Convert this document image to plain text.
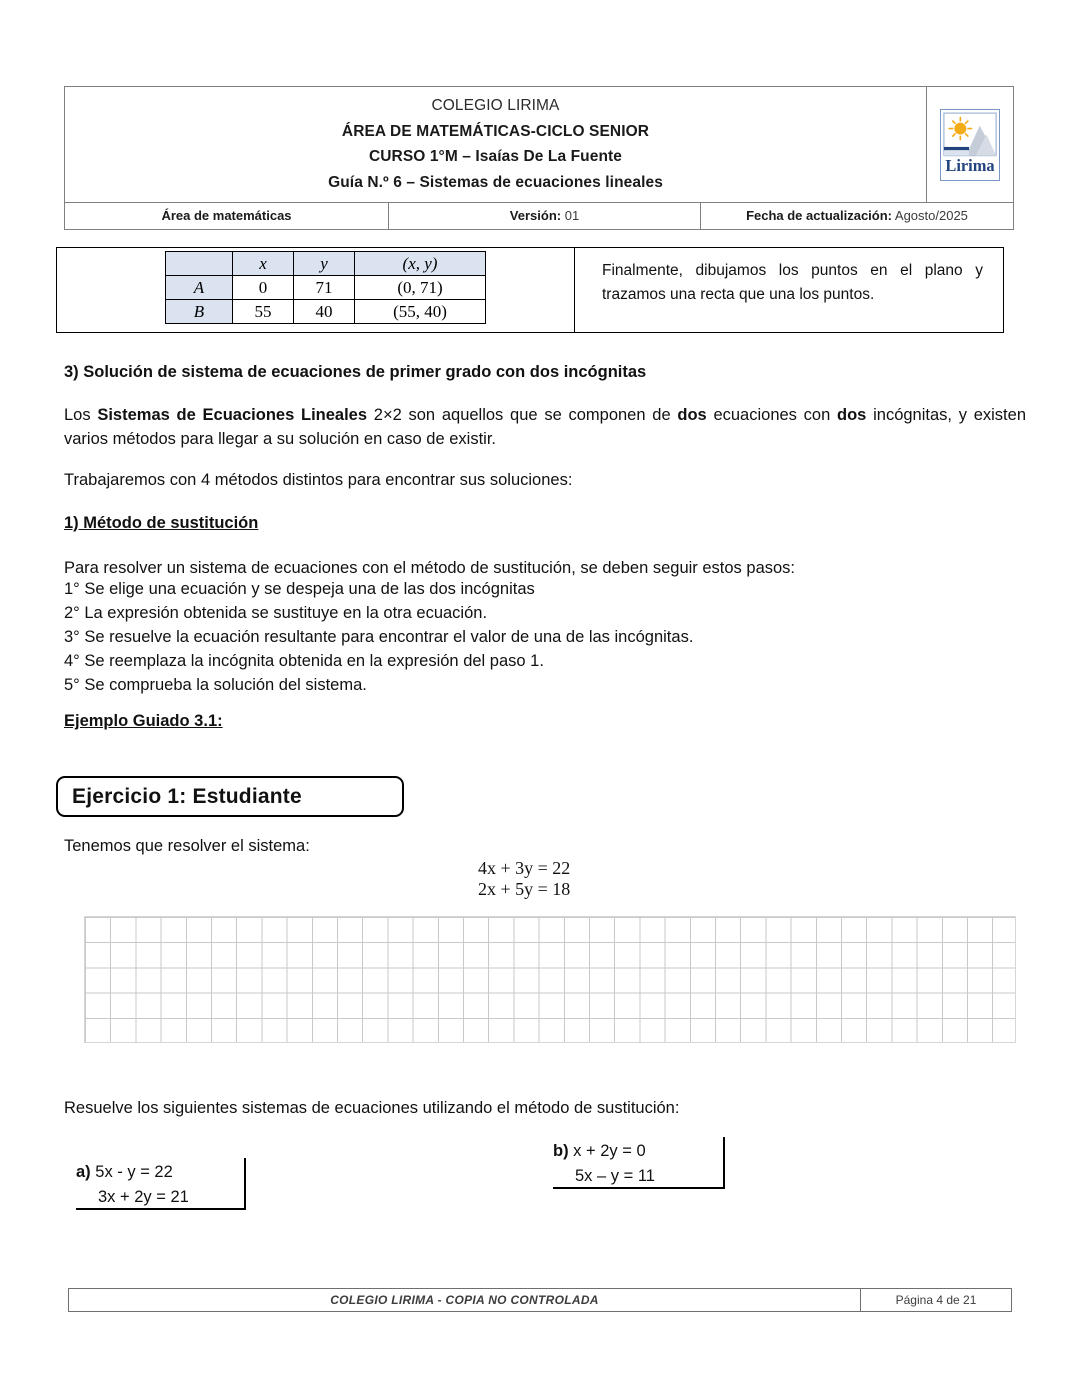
COLEGIO LIRIMA
ÁREA DE MATEMÁTICAS-CICLO SENIOR
CURSO 1°M – Isaías De La Fuente
Guía N.º 6 – Sistemas de ecuaciones lineales
Lirima
Área de matemáticas	Versión: 01	Fecha de actualización: Agosto/2025
	x	y	(x, y)
A	0	71	(0, 71)
B	55	40	(55, 40)

Finalmente, dibujamos los puntos en el plano y trazamos una recta que una los puntos.

3) Solución de sistema de ecuaciones de primer grado con dos incógnitas
Los Sistemas de Ecuaciones Lineales 2×2 son aquellos que se componen de dos ecuaciones con dos incógnitas, y existen varios métodos para llegar a su solución en caso de existir.
Trabajaremos con 4 métodos distintos para encontrar sus soluciones:
1) Método de sustitución
Para resolver un sistema de ecuaciones con el método de sustitución, se deben seguir estos pasos:
1° Se elige una ecuación y se despeja una de las dos incógnitas
2° La expresión obtenida se sustituye en la otra ecuación.
3° Se resuelve la ecuación resultante para encontrar el valor de una de las incógnitas.
4° Se reemplaza la incógnita obtenida en la expresión del paso 1.
5° Se comprueba la solución del sistema.
Ejemplo Guiado 3.1:
Ejercicio 1: Estudiante
Tenemos que resolver el sistema:
4x + 3y = 22
2x + 5y = 18
Resuelve los siguientes sistemas de ecuaciones utilizando el método de sustitución:
a) 5x - y = 22
3x + 2y = 21
b) x + 2y = 0
5x – y = 11
COLEGIO LIRIMA - COPIA NO CONTROLADA	Página 4 de 21
